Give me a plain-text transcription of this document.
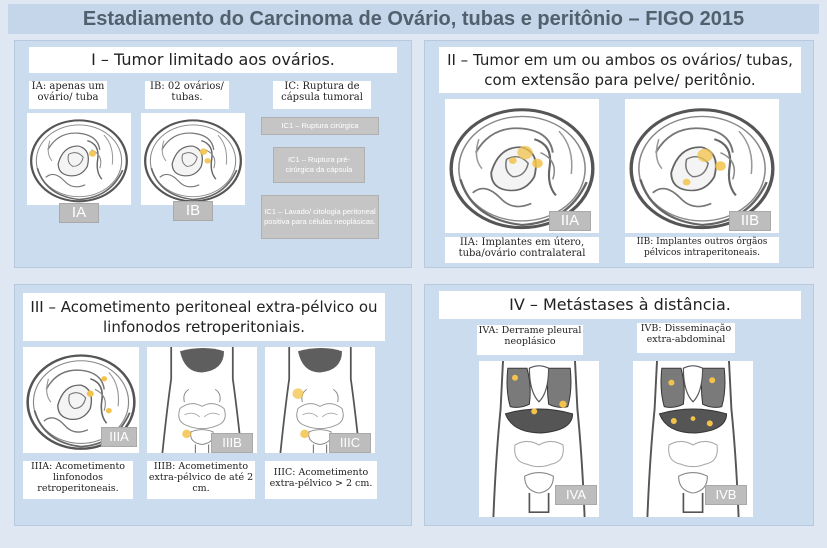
Estadiamento do Carcinoma de Ovário, tubas e peritônio – FIGO 2015
I – Tumor limitado aos ovários.
IA: apenas um ovário/ tuba
IB: 02 ovários/ tubas.
IC: Ruptura de cápsula tumoral
IA	IB
IC1 – Ruptura cirúrgica
IC1 – Ruptura pré-cirúrgica da cápsula
IC1 – Lavado/ citologia peritoneal positiva para células neoplásicas.
II – Tumor em um ou ambos os ovários/ tubas, com extensão para pelve/ peritônio.
IIA	IIB
IIA: Implantes em útero, tuba/ovário contralateral
IIB: Implantes outros órgãos pélvicos intraperitoneais.
III – Acometimento peritoneal extra-pélvico ou linfonodos retroperitoniais.
IIIA	IIIB	IIIC
IIIA: Acometimento linfonodos retroperitoneais.
IIIB: Acometimento extra-pélvico de até 2 cm.
IIIC: Acometimento extra-pélvico > 2 cm.
IV – Metástases à distância.
IVA: Derrame pleural neoplásico
IVB: Disseminação extra-abdominal
IVA	IVB
